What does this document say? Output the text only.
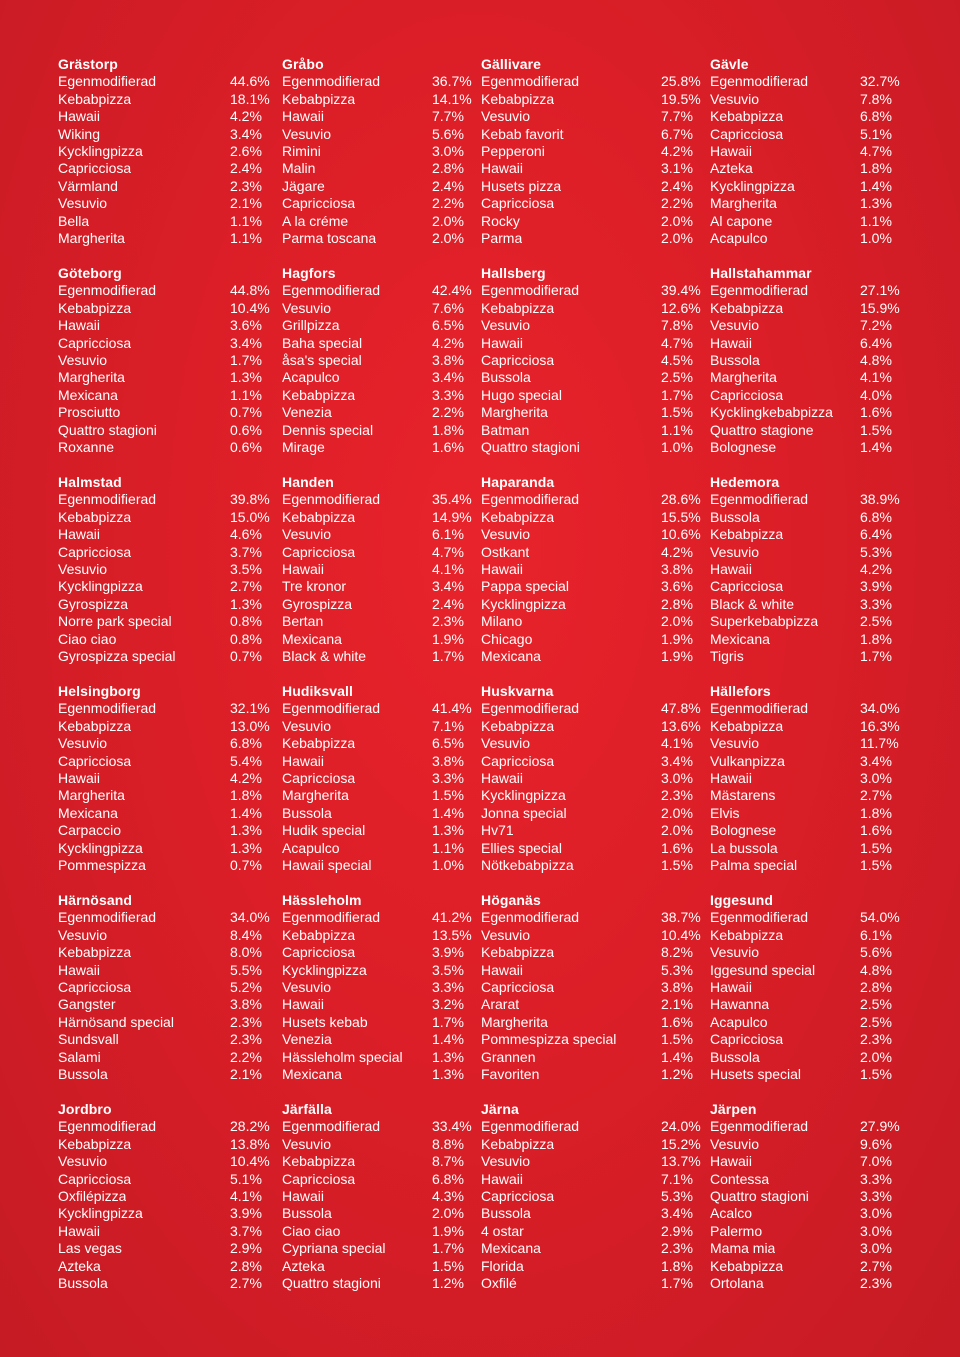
Grästorp
Egenmodifierad	44.6%
Kebabpizza	18.1%
Hawaii	4.2%
Wiking	3.4%
Kycklingpizza	2.6%
Capricciosa	2.4%
Värmland	2.3%
Vesuvio	2.1%
Bella	1.1%
Margherita	1.1%
Gråbo
Egenmodifierad	36.7%
Kebabpizza	14.1%
Hawaii	7.7%
Vesuvio	5.6%
Rimini	3.0%
Malin	2.8%
Jägare	2.4%
Capricciosa	2.2%
A la créme	2.0%
Parma toscana	2.0%
Gällivare
Egenmodifierad	25.8%
Kebabpizza	19.5%
Vesuvio	7.7%
Kebab favorit	6.7%
Pepperoni	4.2%
Hawaii	3.1%
Husets pizza	2.4%
Capricciosa	2.2%
Rocky	2.0%
Parma	2.0%
Gävle
Egenmodifierad	32.7%
Vesuvio	7.8%
Kebabpizza	6.8%
Capricciosa	5.1%
Hawaii	4.7%
Azteka	1.8%
Kycklingpizza	1.4%
Margherita	1.3%
Al capone	1.1%
Acapulco	1.0%
Göteborg
Egenmodifierad	44.8%
Kebabpizza	10.4%
Hawaii	3.6%
Capricciosa	3.4%
Vesuvio	1.7%
Margherita	1.3%
Mexicana	1.1%
Prosciutto	0.7%
Quattro stagioni	0.6%
Roxanne	0.6%
Hagfors
Egenmodifierad	42.4%
Vesuvio	7.6%
Grillpizza	6.5%
Baha special	4.2%
åsa's special	3.8%
Acapulco	3.4%
Kebabpizza	3.3%
Venezia	2.2%
Dennis special	1.8%
Mirage	1.6%
Hallsberg
Egenmodifierad	39.4%
Kebabpizza	12.6%
Vesuvio	7.8%
Hawaii	4.7%
Capricciosa	4.5%
Bussola	2.5%
Hugo special	1.7%
Margherita	1.5%
Batman	1.1%
Quattro stagioni	1.0%
Hallstahammar
Egenmodifierad	27.1%
Kebabpizza	15.9%
Vesuvio	7.2%
Hawaii	6.4%
Bussola	4.8%
Margherita	4.1%
Capricciosa	4.0%
Kycklingkebabpizza 1.6%
Quattro stagione	1.5%
Bolognese	1.4%
Halmstad
Egenmodifierad	39.8%
Kebabpizza	15.0%
Hawaii	4.6%
Capricciosa	3.7%
Vesuvio	3.5%
Kycklingpizza	2.7%
Gyrospizza	1.3%
Norre park special	0.8%
Ciao ciao	0.8%
Gyrospizza special	0.7%
Handen
Egenmodifierad	35.4%
Kebabpizza	14.9%
Vesuvio	6.1%
Capricciosa	4.7%
Hawaii	4.1%
Tre kronor	3.4%
Gyrospizza	2.4%
Bertan	2.3%
Mexicana	1.9%
Black & white	1.7%
Haparanda
Egenmodifierad	28.6%
Kebabpizza	15.5%
Vesuvio	10.6%
Ostkant	4.2%
Hawaii	3.8%
Pappa special	3.6%
Kycklingpizza	2.8%
Milano	2.0%
Chicago	1.9%
Mexicana	1.9%
Hedemora
Egenmodifierad	38.9%
Bussola	6.8%
Kebabpizza	6.4%
Vesuvio	5.3%
Hawaii	4.2%
Capricciosa	3.9%
Black & white	3.3%
Superkebabpizza	2.5%
Mexicana	1.8%
Tigris	1.7%
Helsingborg
Egenmodifierad	32.1%
Kebabpizza	13.0%
Vesuvio	6.8%
Capricciosa	5.4%
Hawaii	4.2%
Margherita	1.8%
Mexicana	1.4%
Carpaccio	1.3%
Kycklingpizza	1.3%
Pommespizza	0.7%
Hudiksvall
Egenmodifierad	41.4%
Vesuvio	7.1%
Kebabpizza	6.5%
Hawaii	3.8%
Capricciosa	3.3%
Margherita	1.5%
Bussola	1.4%
Hudik special	1.3%
Acapulco	1.1%
Hawaii special	1.0%
Huskvarna
Egenmodifierad	47.8%
Kebabpizza	13.6%
Vesuvio	4.1%
Capricciosa	3.4%
Hawaii	3.0%
Kycklingpizza	2.3%
Jonna special	2.0%
Hv71	2.0%
Ellies special	1.6%
Nötkebabpizza	1.5%
Hällefors
Egenmodifierad	34.0%
Kebabpizza	16.3%
Vesuvio	11.7%
Vulkanpizza	3.4%
Hawaii	3.0%
Mästarens	2.7%
Elvis	1.8%
Bolognese	1.6%
La bussola	1.5%
Palma special	1.5%
Härnösand
Egenmodifierad	34.0%
Vesuvio	8.4%
Kebabpizza	8.0%
Hawaii	5.5%
Capricciosa	5.2%
Gangster	3.8%
Härnösand special	2.3%
Sundsvall	2.3%
Salami	2.2%
Bussola	2.1%
Hässleholm
Egenmodifierad	41.2%
Kebabpizza	13.5%
Capricciosa	3.9%
Kycklingpizza	3.5%
Vesuvio	3.3%
Hawaii	3.2%
Husets kebab	1.7%
Venezia	1.4%
Hässleholm special 1.3%
Mexicana	1.3%
Höganäs
Egenmodifierad	38.7%
Vesuvio	10.4%
Kebabpizza	8.2%
Hawaii	5.3%
Capricciosa	3.8%
Ararat	2.1%
Margherita	1.6%
Pommespizza special	1.5%
Grannen	1.4%
Favoriten	1.2%
Iggesund
Egenmodifierad	54.0%
Kebabpizza	6.1%
Vesuvio	5.6%
Iggesund special	4.8%
Hawaii	2.8%
Hawanna	2.5%
Acapulco	2.5%
Capricciosa	2.3%
Bussola	2.0%
Husets special	1.5%
Jordbro
Egenmodifierad	28.2%
Kebabpizza	13.8%
Vesuvio	10.4%
Capricciosa	5.1%
Oxfilépizza	4.1%
Kycklingpizza	3.9%
Hawaii	3.7%
Las vegas	2.9%
Azteka	2.8%
Bussola	2.7%
Järfälla
Egenmodifierad	33.4%
Vesuvio	8.8%
Kebabpizza	8.7%
Capricciosa	6.8%
Hawaii	4.3%
Bussola	2.0%
Ciao ciao	1.9%
Cypriana special	1.7%
Azteka	1.5%
Quattro stagioni	1.2%
Järna
Egenmodifierad	24.0%
Kebabpizza	15.2%
Vesuvio	13.7%
Hawaii	7.1%
Capricciosa	5.3%
Bussola	3.4%
4 ostar	2.9%
Mexicana	2.3%
Florida	1.8%
Oxfilé	1.7%
Järpen
Egenmodifierad	27.9%
Vesuvio	9.6%
Hawaii	7.0%
Contessa	3.3%
Quattro stagioni	3.3%
Acalco	3.0%
Palermo	3.0%
Mama mia	3.0%
Kebabpizza	2.7%
Ortolana	2.3%
